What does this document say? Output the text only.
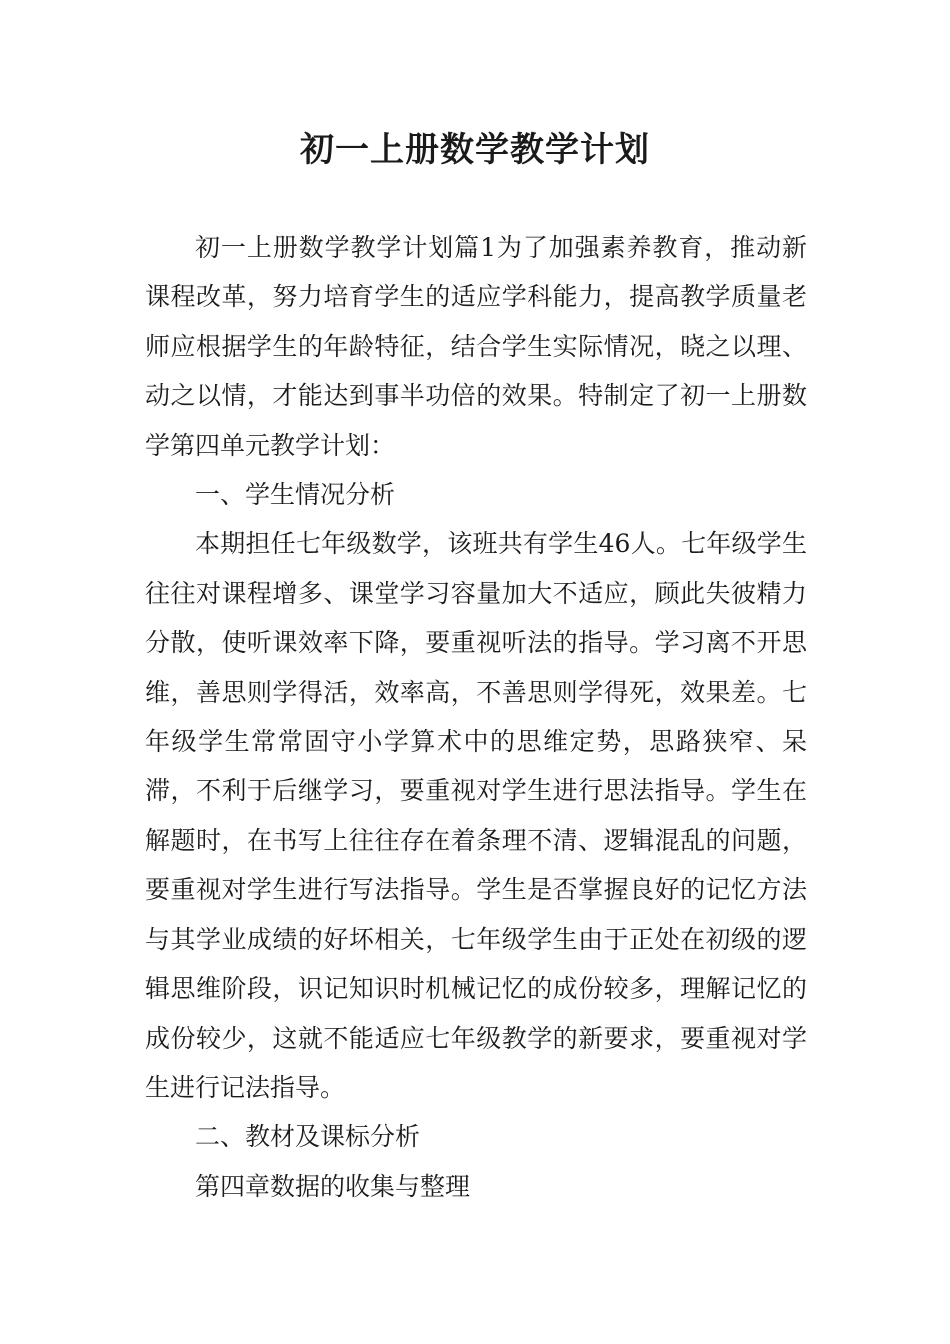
初一上册数学教学计划

初一上册数学教学计划篇1为了加强素养教育，推动新课程改革，努力培育学生的适应学科能力，提高教学质量老师应根据学生的年龄特征，结合学生实际情况，晓之以理、动之以情，才能达到事半功倍的效果。特制定了初一上册数学第四单元教学计划：

一、学生情况分析

本期担任七年级数学，该班共有学生46人。七年级学生往往对课程增多、课堂学习容量加大不适应，顾此失彼精力分散，使听课效率下降，要重视听法的指导。学习离不开思维，善思则学得活，效率高，不善思则学得死，效果差。七年级学生常常固守小学算术中的思维定势，思路狭窄、呆滞，不利于后继学习，要重视对学生进行思法指导。学生在解题时，在书写上往往存在着条理不清、逻辑混乱的问题，要重视对学生进行写法指导。学生是否掌握良好的记忆方法与其学业成绩的好坏相关，七年级学生由于正处在初级的逻辑思维阶段，识记知识时机械记忆的成份较多，理解记忆的成份较少，这就不能适应七年级教学的新要求，要重视对学生进行记法指导。

二、教材及课标分析

第四章数据的收集与整理
